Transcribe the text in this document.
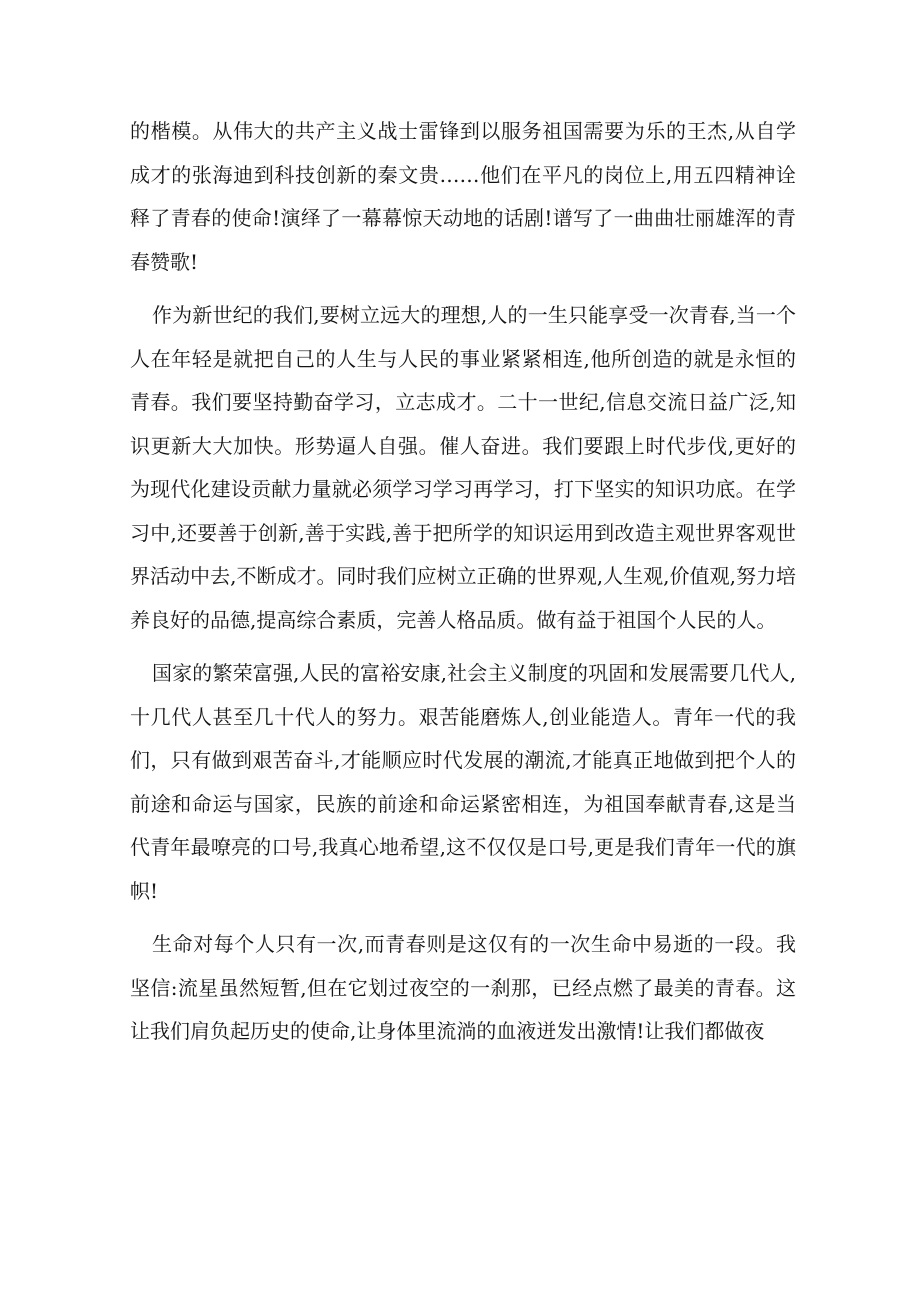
的楷模。从伟大的共产主义战士雷锋到以服务祖国需要为乐的王杰,从自学成才的张海迪到科技创新的秦文贵……他们在平凡的岗位上,用五四精神诠释了青春的使命!演绎了一幕幕惊天动地的话剧!谱写了一曲曲壮丽雄浑的青春赞歌!

作为新世纪的我们,要树立远大的理想,人的一生只能享受一次青春,当一个人在年轻是就把自己的人生与人民的事业紧紧相连,他所创造的就是永恒的青春。我们要坚持勤奋学习，立志成才。二十一世纪,信息交流日益广泛,知识更新大大加快。形势逼人自强。催人奋进。我们要跟上时代步伐,更好的为现代化建设贡献力量就必须学习学习再学习，打下坚实的知识功底。在学习中,还要善于创新,善于实践,善于把所学的知识运用到改造主观世界客观世界活动中去,不断成才。同时我们应树立正确的世界观,人生观,价值观,努力培养良好的品德,提高综合素质，完善人格品质。做有益于祖国个人民的人。

国家的繁荣富强,人民的富裕安康,社会主义制度的巩固和发展需要几代人,十几代人甚至几十代人的努力。艰苦能磨炼人,创业能造人。青年一代的我们，只有做到艰苦奋斗,才能顺应时代发展的潮流,才能真正地做到把个人的前途和命运与国家，民族的前途和命运紧密相连，为祖国奉献青春,这是当代青年最嘹亮的口号,我真心地希望,这不仅仅是口号,更是我们青年一代的旗帜!

生命对每个人只有一次,而青春则是这仅有的一次生命中易逝的一段。我坚信:流星虽然短暂,但在它划过夜空的一刹那，已经点燃了最美的青春。这让我们肩负起历史的使命,让身体里流淌的血液迸发出激情!让我们都做夜
